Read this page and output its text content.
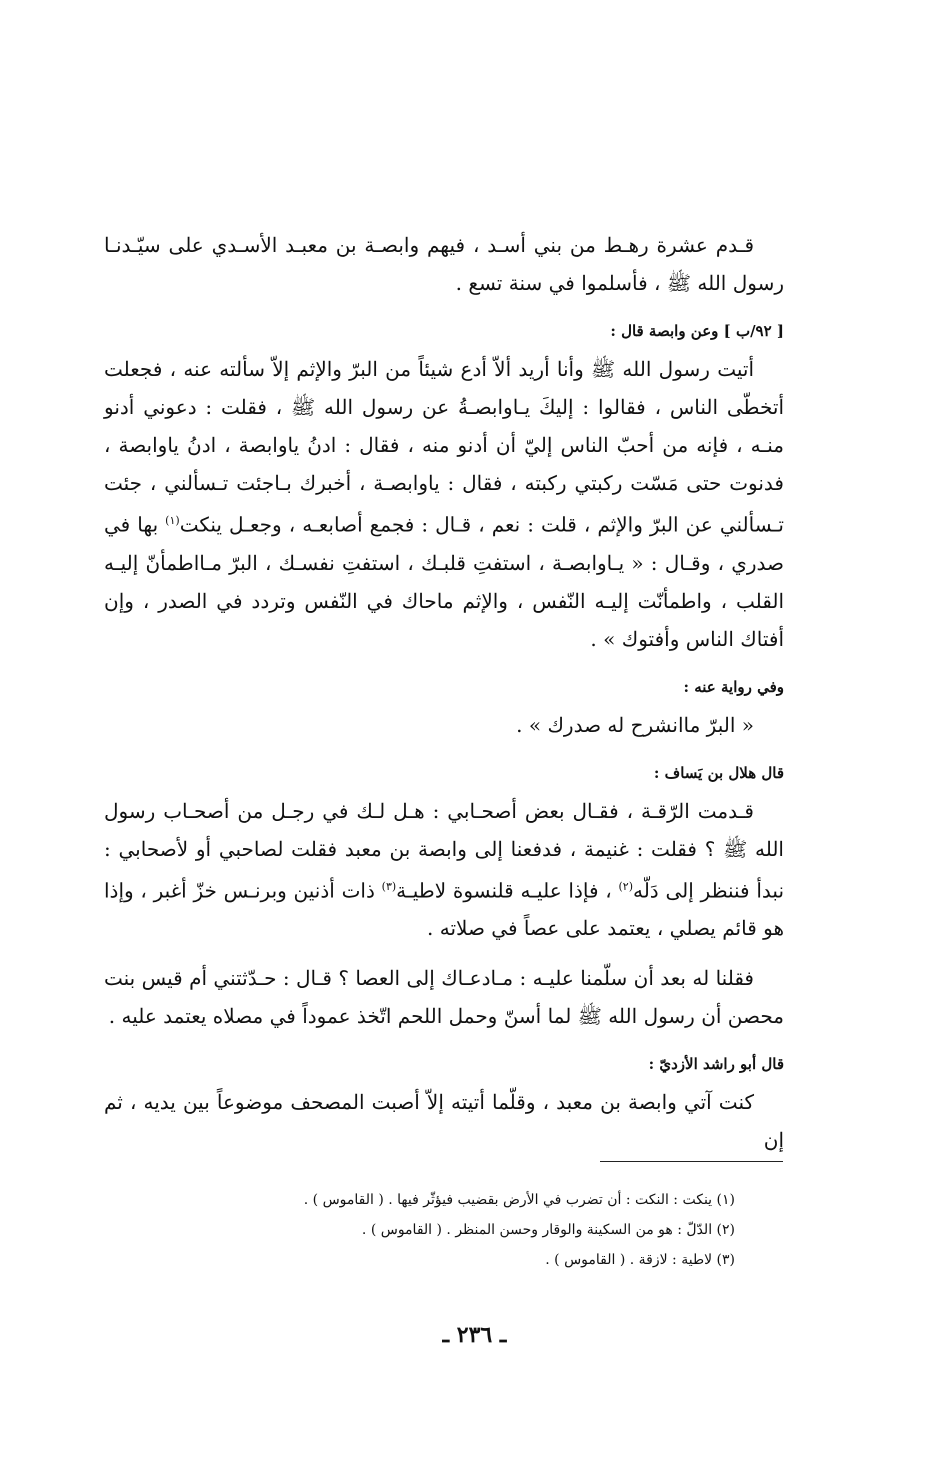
قـدم عشرة رهـط من بني أسـد ، فيهم وابصـة بن معبـد الأسـدي على سيّـدنـا رسول الله ﷺ ، فأسلموا في سنة تسع .

[ ٩٢/ب ] وعن وابصة قال :

أتيت رسول الله ﷺ وأنا أريد ألاّ أدع شيئاً من البرّ والإثم إلاّ سألته عنه ، فجعلت أتخطّى الناس ، فقالوا : إليكَ يـاوابصـةُ عن رسول الله ﷺ ، فقلت : دعوني أدنو منـه ، فإنه من أحبّ الناس إليّ أن أدنو منه ، فقال : ادنُ ياوابصة ، ادنُ ياوابصة ، فدنوت حتى مَسّت ركبتي ركبته ، فقال : ياوابصـة ، أخبرك بـاجئت تـسألني ، جئت تـسألني عن البرّ والإثم ، قلت : نعم ، قـال : فجمع أصابعـه ، وجعـل ينكت$^{(١)}$ بها في صدري ، وقـال : « يـاوابصـة ، استفتِ قلبـك ، استفتِ نفسـك ، البرّ مـااطمأنّ إليـه القلب ، واطمأنّت إليـه النّفس ، والإثم ماحاك في النّفس وتردد في الصدر ، وإن أفتاك الناس وأفتوك » .

وفي رواية عنه :

« البرّ ماانشرح له صدرك » .

قال هلال بن يَساف :

قـدمت الرّقـة ، فقـال بعض أصحـابي : هـل لـك في رجـل من أصحـاب رسول الله ﷺ ؟ فقلت : غنيمة ، فدفعنا إلى وابصة بن معبد فقلت لصاحبي أو لأصحابي : نبدأ فننظر إلى دَلّه$^{(٢)}$ ، فإذا عليـه قلنسوة لاطيـة$^{(٣)}$ ذات أذنين وبرنـس خزّ أغبر ، وإذا هو قائم يصلي ، يعتمد على عصاً في صلاته .

فقلنا له بعد أن سلّمنا عليـه : مـادعـاك إلى العصا ؟ قـال : حـدّثتني أم قيس بنت محصن أن رسول الله ﷺ لما أسنّ وحمل اللحم اتّخذ عموداً في مصلاه يعتمد عليه .

قال أبو راشد الأزديّ :

كنت آتي وابصة بن معبد ، وقلّما أتيته إلاّ أصبت المصحف موضوعاً بين يديه ، ثم إن

(١) ينكت : النكت : أن تضرب في الأرض بقضيب فيؤثّر فيها . ( القاموس ) .

(٢) الدّلّ : هو من السكينة والوقار وحسن المنظر . ( القاموس ) .

(٣) لاطية : لازقة . ( القاموس ) .

ـ ٢٣٦ ـ
